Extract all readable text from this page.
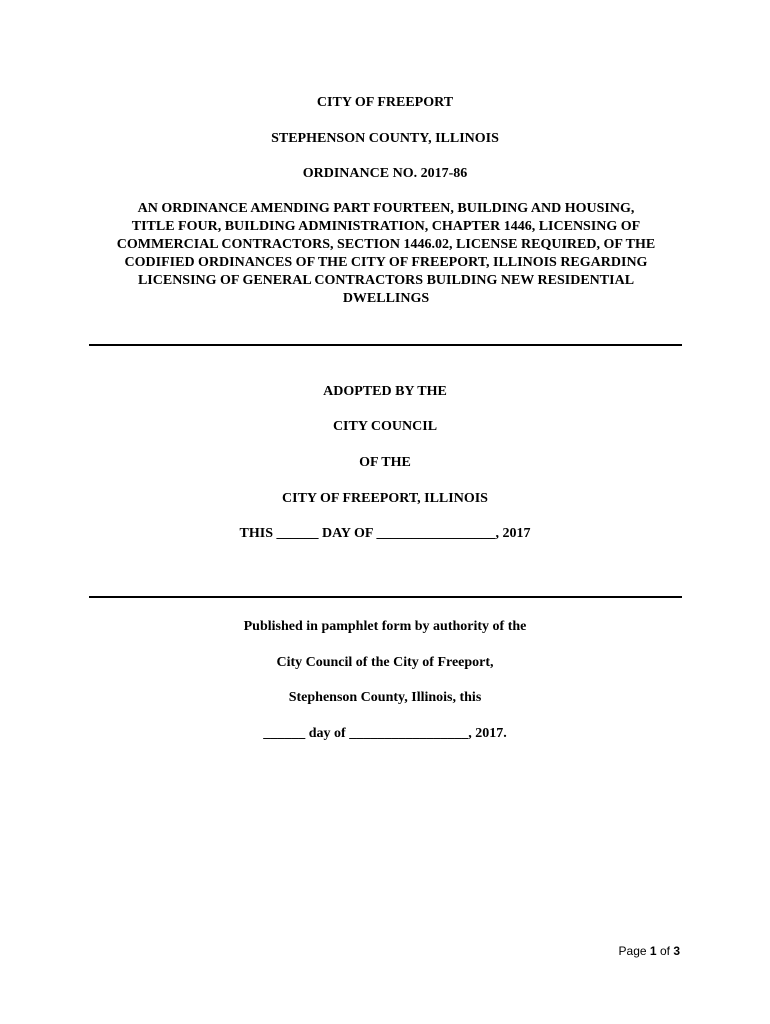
CITY OF FREEPORT
STEPHENSON COUNTY, ILLINOIS
ORDINANCE NO. 2017-86
AN ORDINANCE AMENDING PART FOURTEEN, BUILDING AND HOUSING,
TITLE FOUR, BUILDING ADMINISTRATION, CHAPTER 1446, LICENSING OF
COMMERCIAL CONTRACTORS, SECTION 1446.02, LICENSE REQUIRED, OF THE
CODIFIED ORDINANCES OF THE CITY OF FREEPORT, ILLINOIS REGARDING
LICENSING OF GENERAL CONTRACTORS BUILDING NEW RESIDENTIAL
DWELLINGS
ADOPTED BY THE
CITY COUNCIL
OF THE
CITY OF FREEPORT, ILLINOIS
THIS ______ DAY OF _________________, 2017
Published in pamphlet form by authority of the
City Council of the City of Freeport,
Stephenson County, Illinois, this
______ day of _________________, 2017.
Page 1 of 3
